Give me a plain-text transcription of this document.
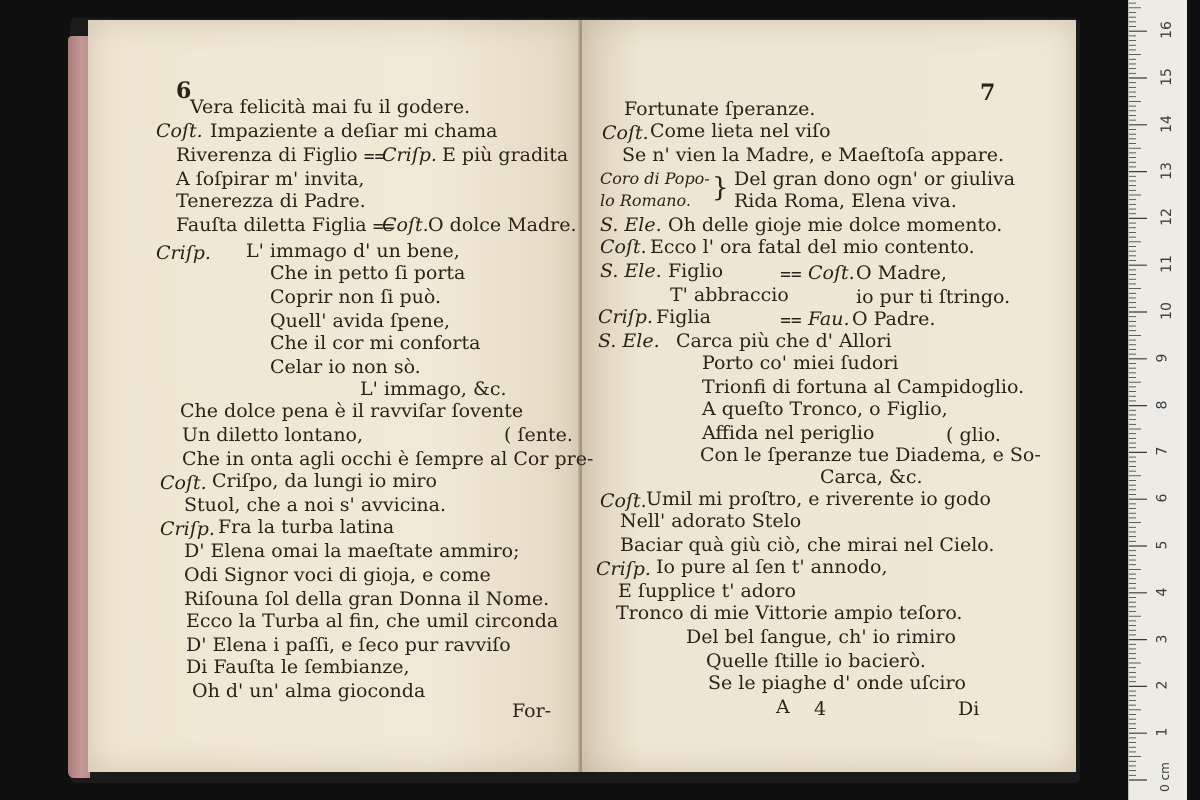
6
Vera felicità mai fu il godere.
Coſt. Impaziente a deſiar mi chama
Riverenza di Figlio ⩵
Criſp. E più gradita
A ſoſpirar m' invita,
Tenerezza di Padre.
Fauſta diletta Figlia ⩵
Coſt. O dolce Madre.
Criſp. L' immago d' un bene,
Che in petto ſi porta
Coprir non ſi può.
Quell' avida ſpene,
Che il cor mi conforta
Celar io non sò.
L' immago, &c.
Che dolce pena è il ravviſar ſovente
Un diletto lontano,	( ſente.
Che in onta agli occhi è ſempre al Cor pre-
Coſt. Criſpo, da lungi io miro
Stuol, che a noi s' avvicina.
Criſp. Fra la turba latina
D' Elena omai la maeſtate ammiro;
Odi Signor voci di gioja, e come
Riſouna ſol della gran Donna il Nome.
Ecco la Turba al fin, che umil circonda
D' Elena i paſſi, e ſeco pur ravviſo
Di Fauſta le ſembianze,
Oh d' un' alma gioconda
For-
7
Fortunate ſperanze.
Coſt. Come lieta nel viſo
Se n' vien la Madre, e Maeſtoſa appare.
Coro di Popo-
lo Romano. } Del gran dono ogn' or giuliva
Rida Roma, Elena viva.
S. Ele. Oh delle gioje mie dolce momento.
Coſt. Ecco l' ora fatal del mio contento.
S. Ele. Figlio	⩵ Coſt. O Madre,
T' abbraccio	io pur ti ſtringo.
Criſp. Figlia	⩵ Fau. O Padre.
S. Ele. Carca più che d' Allori
Porto co' miei ſudori
Trionfi di fortuna al Campidoglio.
A queſto Tronco, o Figlio,
Affida nel periglio	( glio.
Con le ſperanze tue Diadema, e So-
Carca, &c.
Coſt. Umil mi proſtro, e riverente io godo
Nell' adorato Stelo
Baciar quà giù ciò, che mirai nel Cielo.
Criſp. Io pure al ſen t' annodo,
E ſupplice t' adoro
Tronco di mie Vittorie ampio teſoro.
Del bel ſangue, ch' io rimiro
Quelle ſtille io bacierò.
Se le piaghe d' onde uſciro
A 4	Di
1
2
3
4
5
6
7
8
9
10
11
12
13
14
15
16
0 cm
